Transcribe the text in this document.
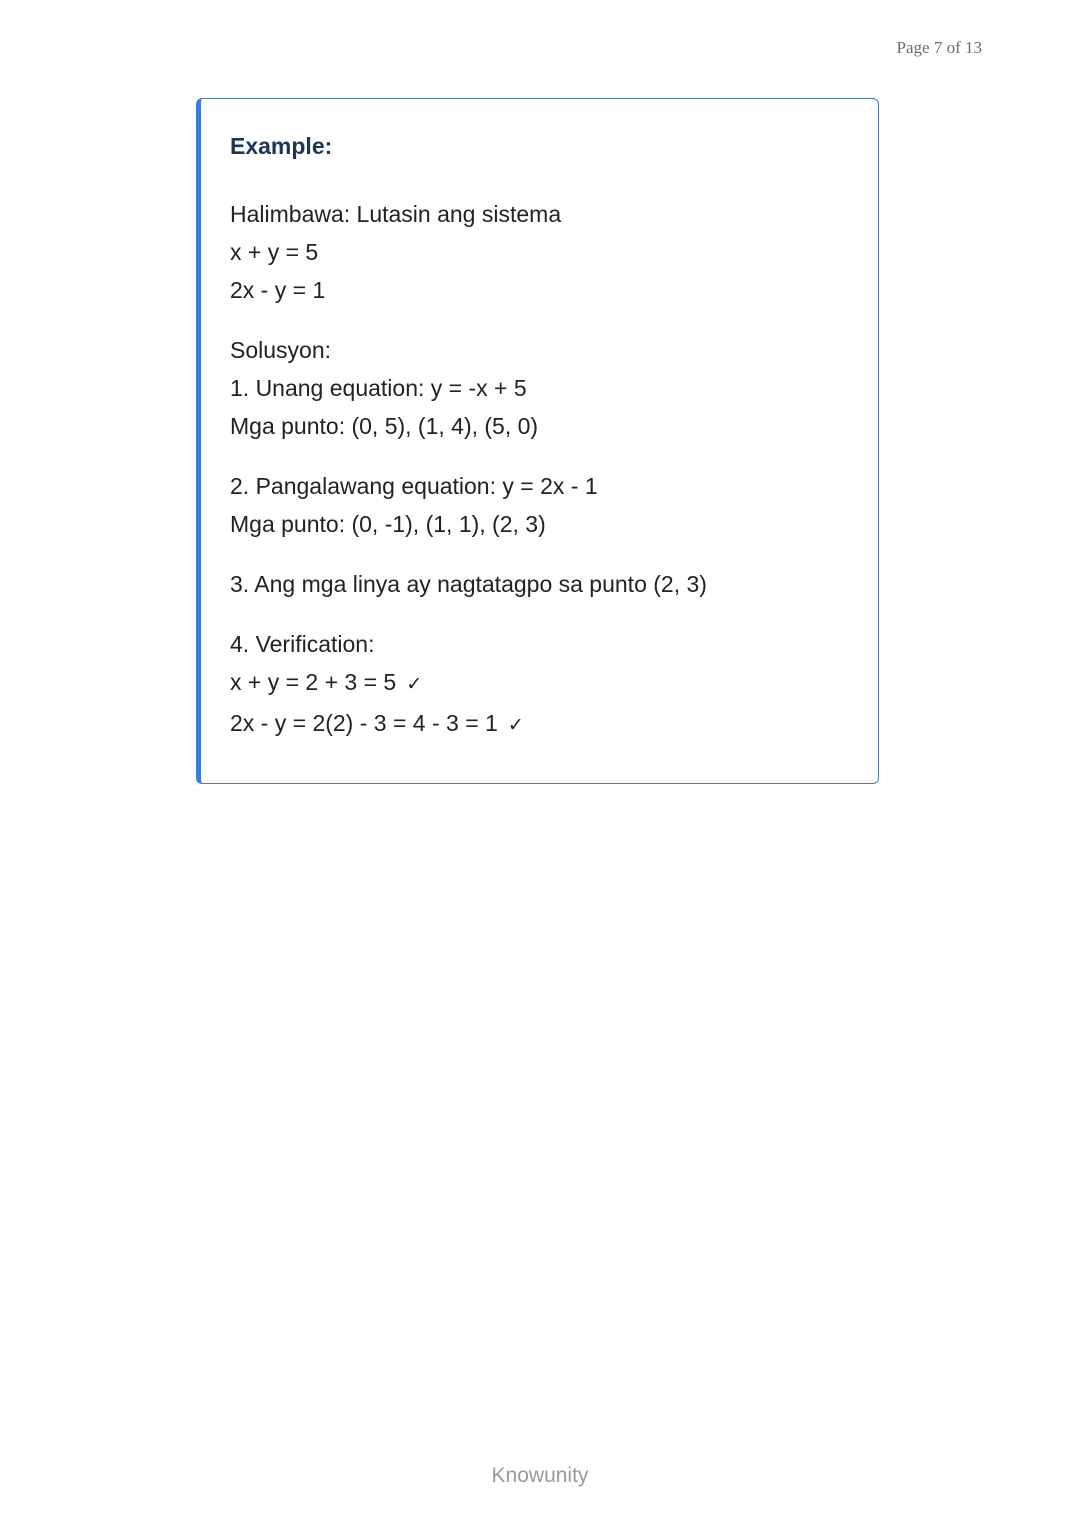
Page 7 of 13
Example:
Halimbawa: Lutasin ang sistema
x + y = 5
2x - y = 1
Solusyon:
1. Unang equation: y = -x + 5
Mga punto: (0, 5), (1, 4), (5, 0)
2. Pangalawang equation: y = 2x - 1
Mga punto: (0, -1), (1, 1), (2, 3)
3. Ang mga linya ay nagtatagpo sa punto (2, 3)
4. Verification:
x + y = 2 + 3 = 5 ✓
2x - y = 2(2) - 3 = 4 - 3 = 1 ✓
Knowunity
